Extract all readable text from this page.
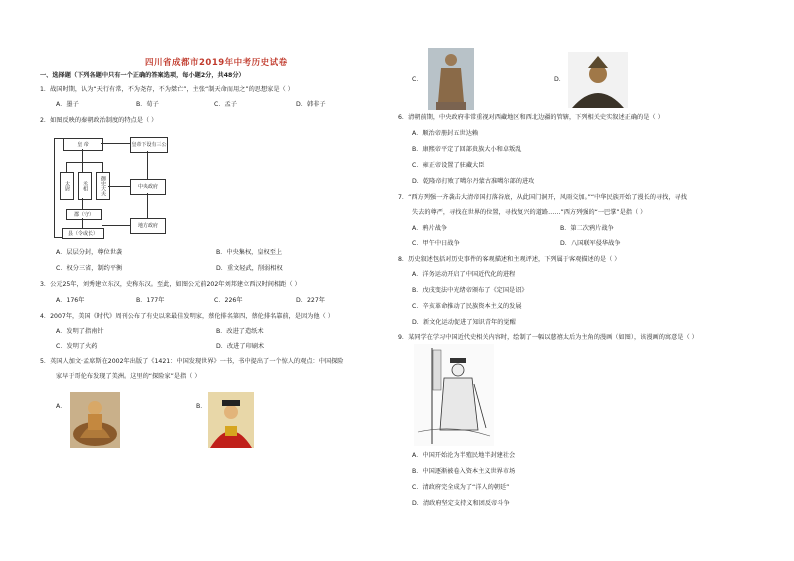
四川省成都市2019年中考历史试卷
一、选择题（下列各题中只有一个正确的答案选项，每小题2分，共48分）
1．战国时期，认为“天行有常，不为尧存，不为桀亡”，主张“制天命而用之”的思想家是（ ）
A．墨子	B．荀子	C．孟子	D．韩非子
2．如图反映的秦朝政治制度的特点是（ ）
皇 帝	皇帝下设有三公
太尉	丞相	御史大夫	中央政府
郡（守）
县（令或长）
地方政府
A．层层分封，尊位世袭	B．中央集权，皇权至上
C．权分三省，制约平衡	D．重文轻武，削弱相权
3．公元25年，刘秀建立东汉，史称东汉。至此，如图公元前202年刘邦建立西汉时间相距（ ）
A．176年	B．177年	C．226年	D．227年
4．2007年，美国《时代》周刊公布了有史以来最佳发明家，蔡伦排名第四，蔡伦排名靠前，是因为他（ ）
A．发明了指南针	B．改进了造纸术
C．发明了火药	D．改进了印刷术
5．英国人加文·孟席斯在2002年出版了《1421：中国发现世界》一书，书中提出了一个惊人的观点：中国探险
家早于哥伦布发现了美洲。这里的“探险家”是指（ ）
A．	B．
C．	D．
6．清朝前期，中央政府非常重视对西藏地区和西北边疆的管辖，下列相关史实叙述正确的是（ ）
A．顺治帝册封五世达赖
B．康熙帝平定了回部贵族大小和卓叛乱
C．雍正帝设置了驻藏大臣
D．乾隆帝打败了噶尔丹蒙古准噶尔部的进攻
7．“西方列强一齐袭击大清帝国打落谷底，从此国门洞开，风雨交加。”“中华民族开始了漫长的寻找，寻找
失去的尊严，寻找在世界的位置，寻找复兴的道路……”西方列强的“一巴掌”是指（ ）
A．鸦片战争	B．第二次鸦片战争
C．甲午中日战争	D．八国联军侵华战争
8．历史叙述包括对历史事件的客观描述和主观评述，下列属于客观描述的是（ ）
A．洋务运动开启了中国近代化的进程
B．戊戌变法中光绪帝颁布了《定国是诏》
C．辛亥革命推动了民族资本主义的发展
D．新文化运动促进了知识青年的觉醒
9．某同学在学习中国近代史相关内容时，绘制了一幅以慈禧太后为主角的漫画（如图），该漫画的寓意是（ ）
A．中国开始沦为半殖民地半封建社会
B．中国逐渐被卷入资本主义世界市场
C．清政府完全成为了“洋人的朝廷”
D．清政府坚定支持义和团反帝斗争
